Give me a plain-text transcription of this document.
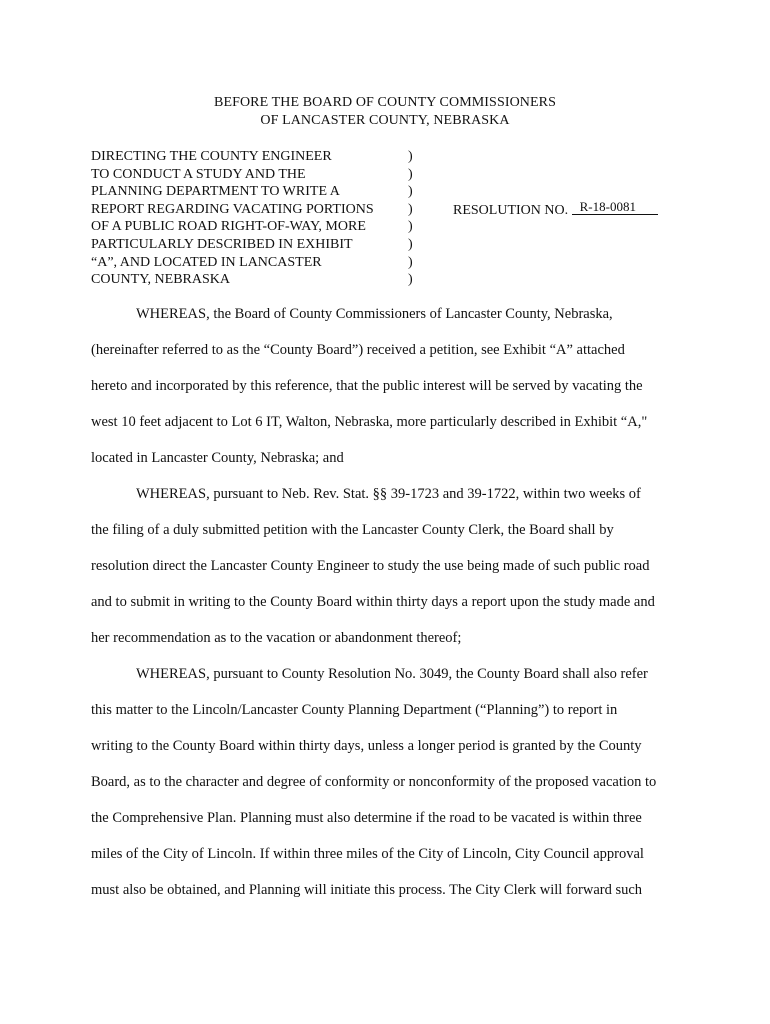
BEFORE THE BOARD OF COUNTY COMMISSIONERS
OF LANCASTER COUNTY, NEBRASKA
DIRECTING THE COUNTY ENGINEER	)
TO CONDUCT A STUDY AND THE	)
PLANNING DEPARTMENT TO WRITE A	)
REPORT REGARDING VACATING PORTIONS )
OF A PUBLIC ROAD RIGHT-OF-WAY, MORE	)
PARTICULARLY DESCRIBED IN EXHIBIT	)
“A”, AND LOCATED IN LANCASTER	)
COUNTY, NEBRASKA	)
RESOLUTION NO. R-18-0081
WHEREAS, the Board of County Commissioners of Lancaster County, Nebraska,
(hereinafter referred to as the “County Board”) received a petition, see Exhibit “A” attached
hereto and incorporated by this reference, that the public interest will be served by vacating the
west 10 feet adjacent to Lot 6 IT, Walton, Nebraska, more particularly described in Exhibit “A,"
located in Lancaster County, Nebraska; and
WHEREAS, pursuant to Neb. Rev. Stat. §§ 39-1723 and 39-1722, within two weeks of
the filing of a duly submitted petition with the Lancaster County Clerk, the Board shall by
resolution direct the Lancaster County Engineer to study the use being made of such public road
and to submit in writing to the County Board within thirty days a report upon the study made and
her recommendation as to the vacation or abandonment thereof;
WHEREAS, pursuant to County Resolution No. 3049, the County Board shall also refer
this matter to the Lincoln/Lancaster County Planning Department (“Planning”) to report in
writing to the County Board within thirty days, unless a longer period is granted by the County
Board, as to the character and degree of conformity or nonconformity of the proposed vacation to
the Comprehensive Plan. Planning must also determine if the road to be vacated is within three
miles of the City of Lincoln. If within three miles of the City of Lincoln, City Council approval
must also be obtained, and Planning will initiate this process. The City Clerk will forward such
